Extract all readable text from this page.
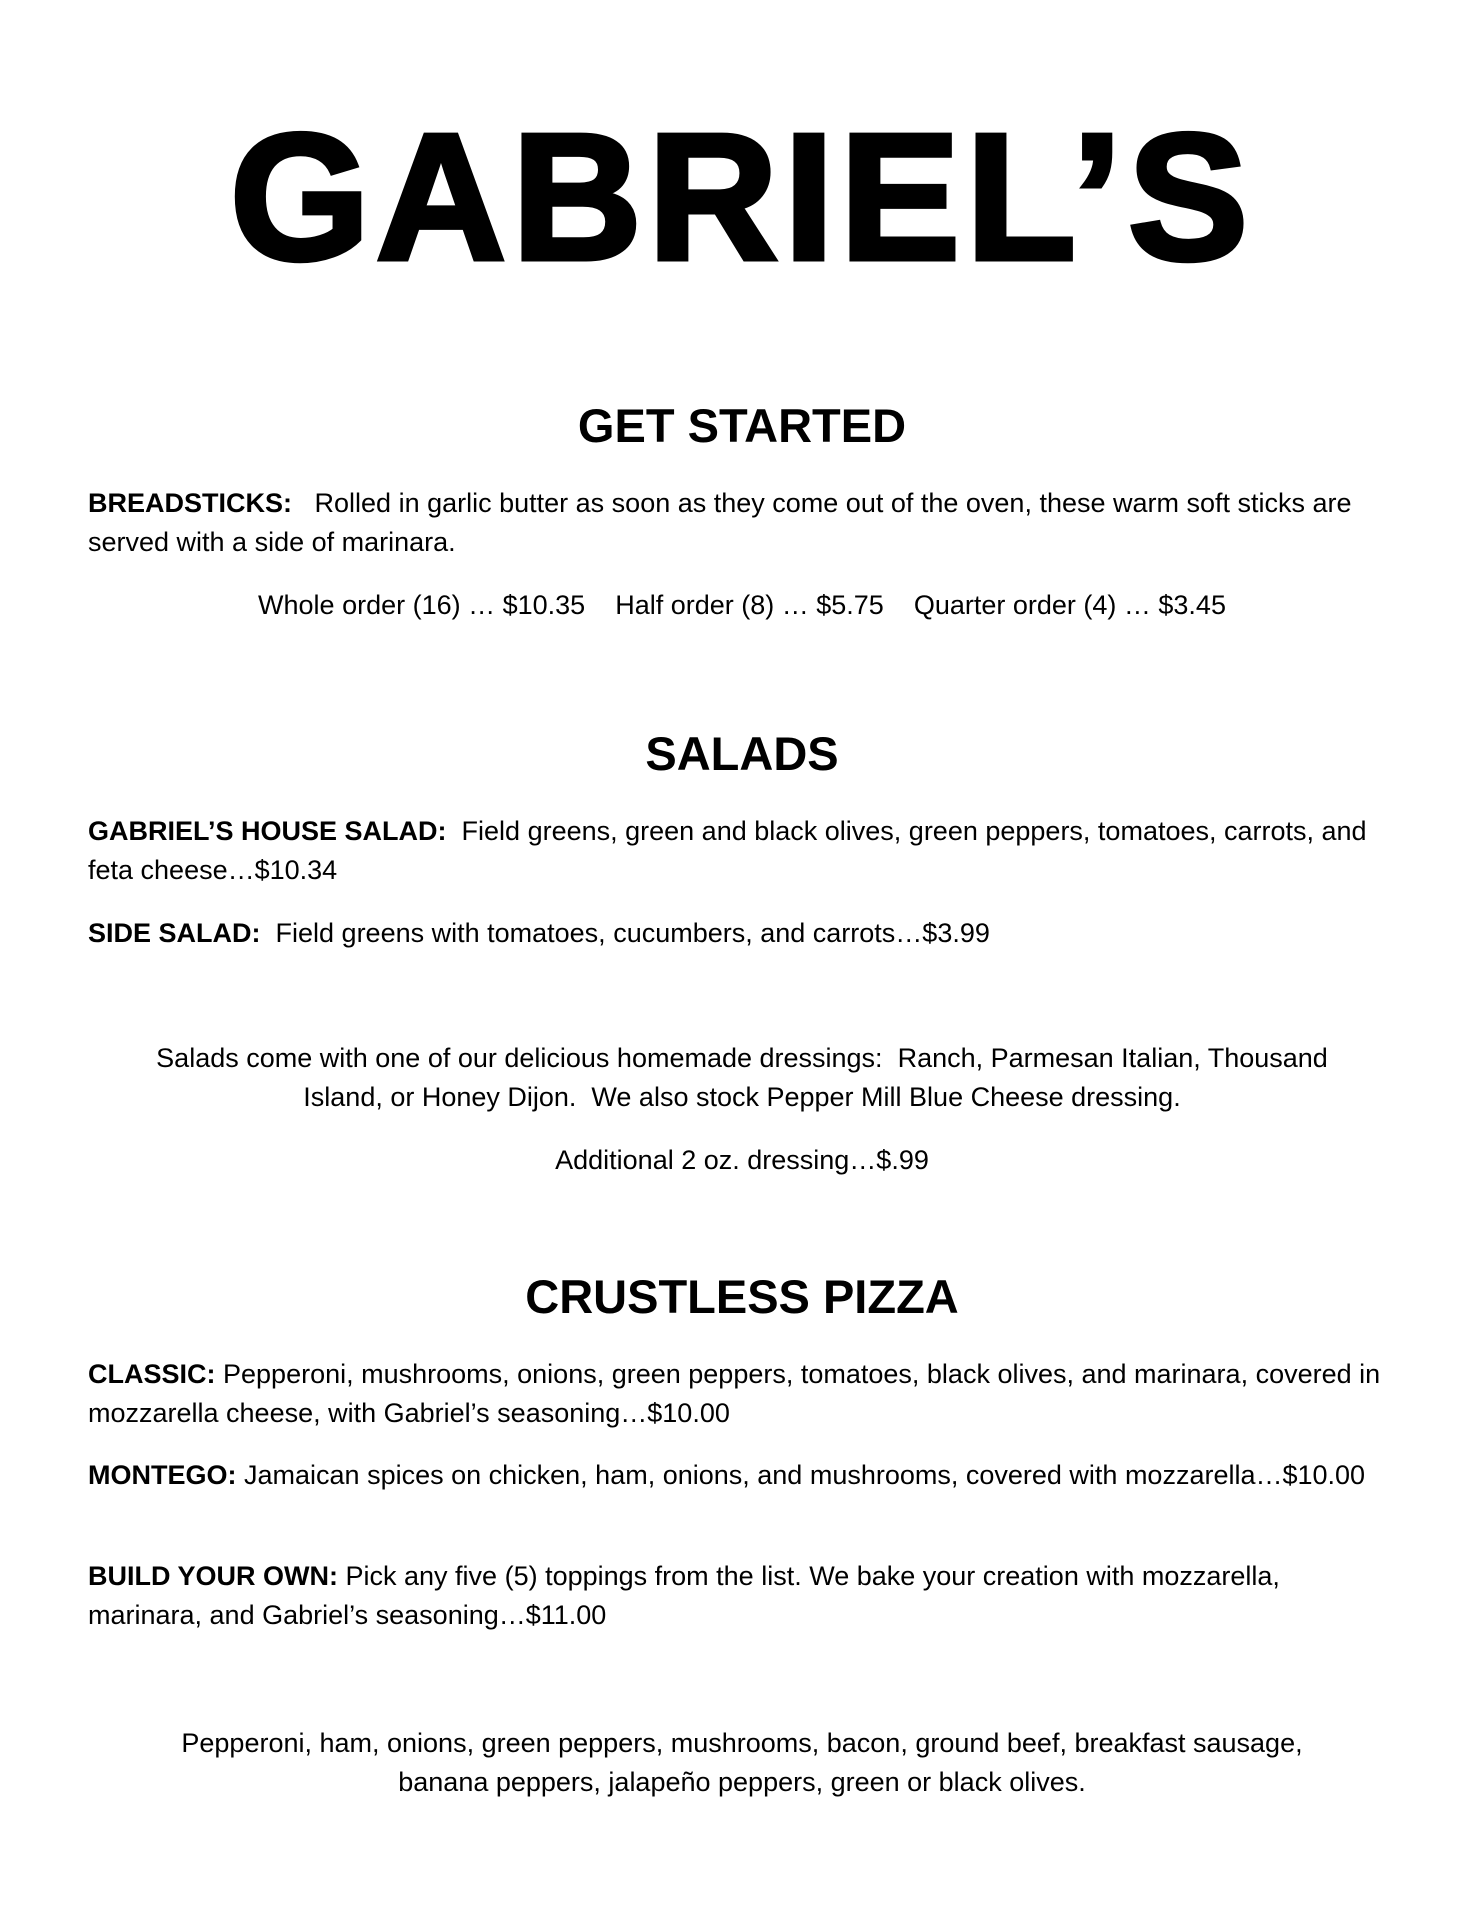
GABRIEL’S
GET STARTED
BREADSTICKS: Rolled in garlic butter as soon as they come out of the oven, these warm soft sticks are served with a side of marinara.
Whole order (16) … $10.35 Half order (8) … $5.75 Quarter order (4) … $3.45
SALADS
GABRIEL’S HOUSE SALAD: Field greens, green and black olives, green peppers, tomatoes, carrots, and feta cheese…$10.34
SIDE SALAD: Field greens with tomatoes, cucumbers, and carrots…$3.99
Salads come with one of our delicious homemade dressings:  Ranch, Parmesan Italian, Thousand
Island, or Honey Dijon.  We also stock Pepper Mill Blue Cheese dressing.
Additional 2 oz. dressing…$.99
CRUSTLESS PIZZA
CLASSIC: Pepperoni, mushrooms, onions, green peppers, tomatoes, black olives, and marinara, covered in mozzarella cheese, with Gabriel’s seasoning…$10.00
MONTEGO: Jamaican spices on chicken, ham, onions, and mushrooms, covered with mozzarella…$10.00
BUILD YOUR OWN: Pick any five (5) toppings from the list. We bake your creation with mozzarella, marinara, and Gabriel’s seasoning…$11.00
Pepperoni, ham, onions, green peppers, mushrooms, bacon, ground beef, breakfast sausage,
banana peppers, jalapeño peppers, green or black olives.
